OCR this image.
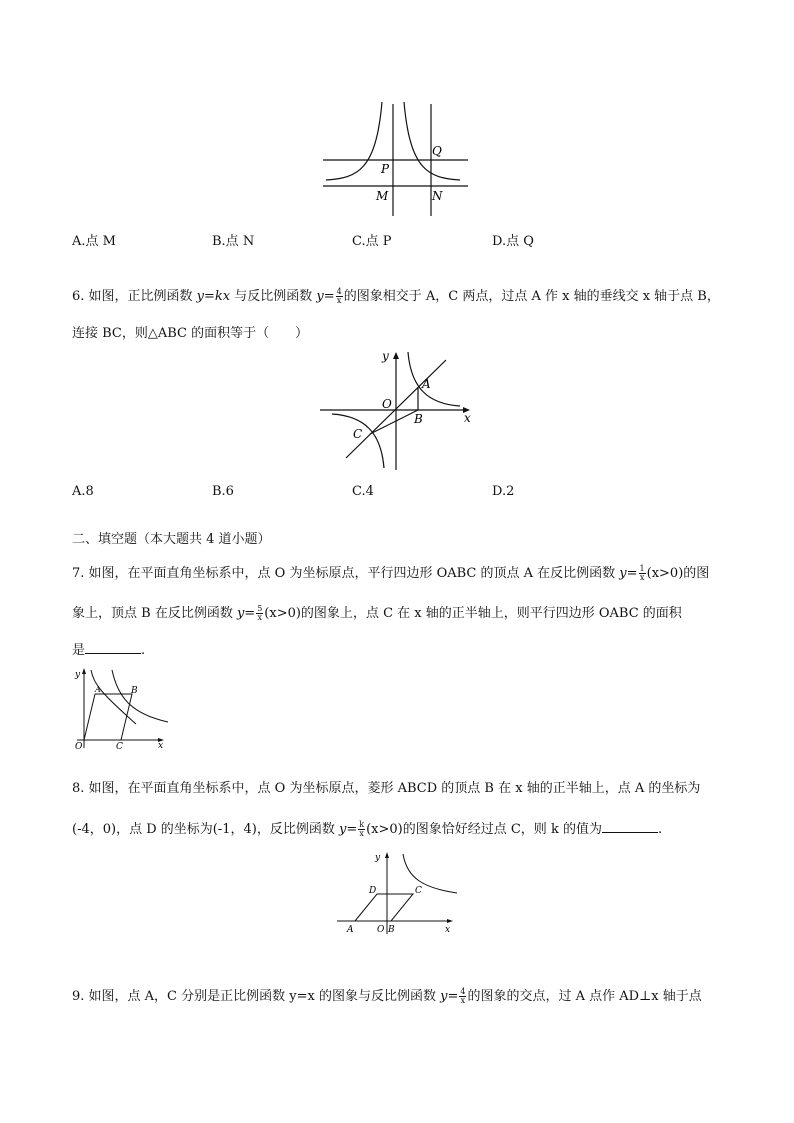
P
Q
M	N
A.点 M	B.点 N	C.点 P	D.点 Q
6. 如图，正比例函数 y=kx 与反比例函数 $y= \frac{4}{x}$ 的图象相交于 A，C 两点，过点 A 作 x 轴的垂线交 x 轴于点 B，
连接 BC，则△ABC 的面积等于（　　）
y
x
O
A
B
C
A.8	B.6	C.4	D.2
二、填空题（本大题共 4 道小题）
7. 如图，在平面直角坐标系中，点 O 为坐标原点，平行四边形 OABC 的顶点 A 在反比例函数 $y= \frac{1}{x} (x>0)$的图
象上，顶点 B 在反比例函数 $y= \frac{5}{x} (x>0)$的图象上，点 C 在 x 轴的正半轴上，则平行四边形 OABC 的面积
是	.
y
x
O
A	B
C
8. 如图，在平面直角坐标系中，点 O 为坐标原点，菱形 ABCD 的顶点 B 在 x 轴的正半轴上，点 A 的坐标为
(-4，0)，点 D 的坐标为(-1，4)，反比例函数 $y= \frac{k}{x} (x>0)$的图象恰好经过点 C，则 k 的值为	.
y
x
O
A	B
C
D
9. 如图，点 A，C 分别是正比例函数 y=x 的图象与反比例函数 $y= \frac{4}{x}$ 的图象的交点，过 A 点作 AD⊥x 轴于点
